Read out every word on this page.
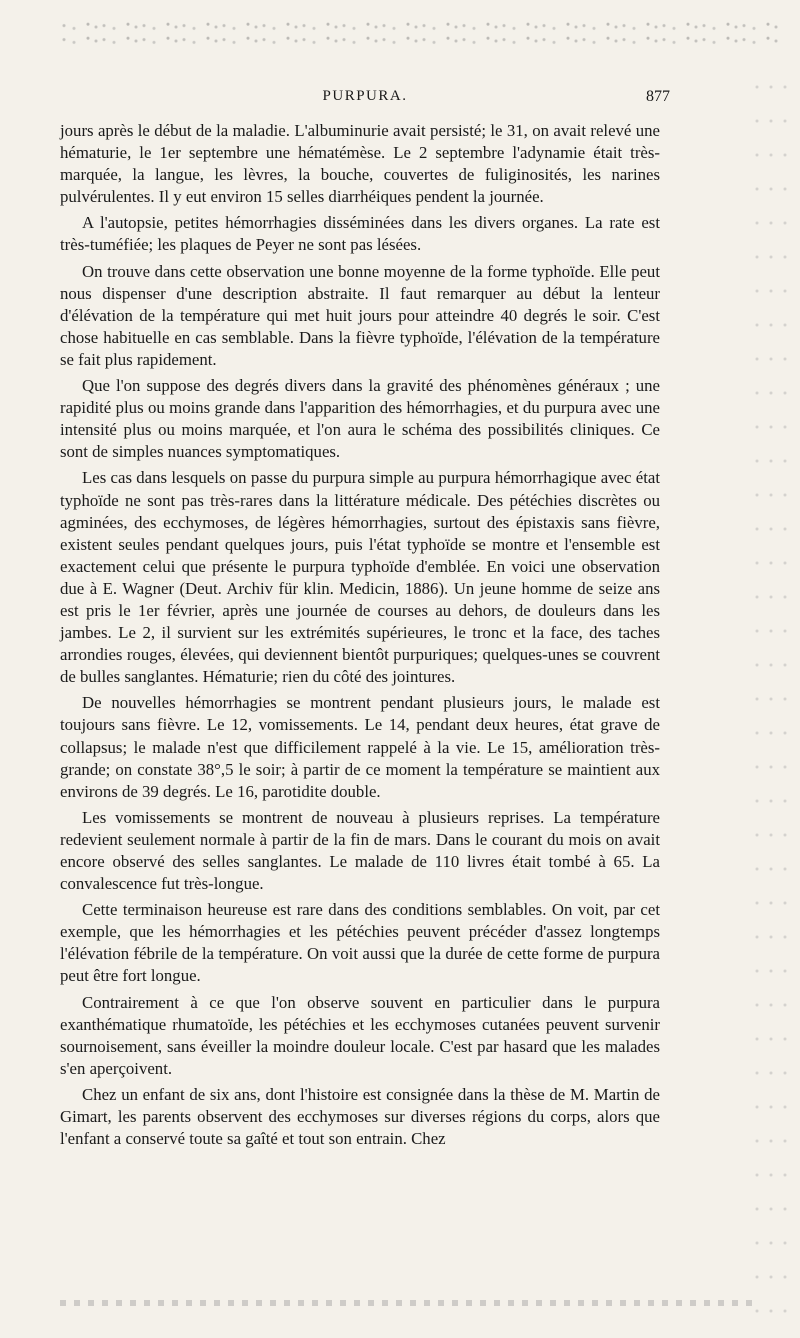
PURPURA.	877

jours après le début de la maladie. L'albuminurie avait persisté; le 31, on avait relevé une hématurie, le 1er septembre une hématémèse. Le 2 septembre l'adynamie était très-marquée, la langue, les lèvres, la bouche, couvertes de fuliginosités, les narines pulvérulentes. Il y eut environ 15 selles diarrhéiques pendent la journée.

A l'autopsie, petites hémorrhagies disséminées dans les divers organes. La rate est très-tuméfiée; les plaques de Peyer ne sont pas lésées.

On trouve dans cette observation une bonne moyenne de la forme typhoïde. Elle peut nous dispenser d'une description abstraite. Il faut remarquer au début la lenteur d'élévation de la température qui met huit jours pour atteindre 40 degrés le soir. C'est chose habituelle en cas semblable. Dans la fièvre typhoïde, l'élévation de la température se fait plus rapidement.

Que l'on suppose des degrés divers dans la gravité des phénomènes généraux ; une rapidité plus ou moins grande dans l'apparition des hémorrhagies, et du purpura avec une intensité plus ou moins marquée, et l'on aura le schéma des possibilités cliniques. Ce sont de simples nuances symptomatiques.

Les cas dans lesquels on passe du purpura simple au purpura hémorrhagique avec état typhoïde ne sont pas très-rares dans la littérature médicale. Des pétéchies discrètes ou agminées, des ecchymoses, de légères hémorrhagies, surtout des épistaxis sans fièvre, existent seules pendant quelques jours, puis l'état typhoïde se montre et l'ensemble est exactement celui que présente le purpura typhoïde d'emblée. En voici une observation due à E. Wagner (Deut. Archiv für klin. Medicin, 1886). Un jeune homme de seize ans est pris le 1er février, après une journée de courses au dehors, de douleurs dans les jambes. Le 2, il survient sur les extrémités supérieures, le tronc et la face, des taches arrondies rouges, élevées, qui deviennent bientôt purpuriques; quelques-unes se couvrent de bulles sanglantes. Hématurie; rien du côté des jointures.

De nouvelles hémorrhagies se montrent pendant plusieurs jours, le malade est toujours sans fièvre. Le 12, vomissements. Le 14, pendant deux heures, état grave de collapsus; le malade n'est que difficilement rappelé à la vie. Le 15, amélioration très-grande; on constate 38°,5 le soir; à partir de ce moment la température se maintient aux environs de 39 degrés. Le 16, parotidite double.

Les vomissements se montrent de nouveau à plusieurs reprises. La température redevient seulement normale à partir de la fin de mars. Dans le courant du mois on avait encore observé des selles sanglantes. Le malade de 110 livres était tombé à 65. La convalescence fut très-longue.

Cette terminaison heureuse est rare dans des conditions semblables. On voit, par cet exemple, que les hémorrhagies et les pétéchies peuvent précéder d'assez longtemps l'élévation fébrile de la température. On voit aussi que la durée de cette forme de purpura peut être fort longue.

Contrairement à ce que l'on observe souvent en particulier dans le purpura exanthématique rhumatoïde, les pétéchies et les ecchymoses cutanées peuvent survenir sournoisement, sans éveiller la moindre douleur locale. C'est par hasard que les malades s'en aperçoivent.

Chez un enfant de six ans, dont l'histoire est consignée dans la thèse de M. Martin de Gimart, les parents observent des ecchymoses sur diverses régions du corps, alors que l'enfant a conservé toute sa gaîté et tout son entrain. Chez
